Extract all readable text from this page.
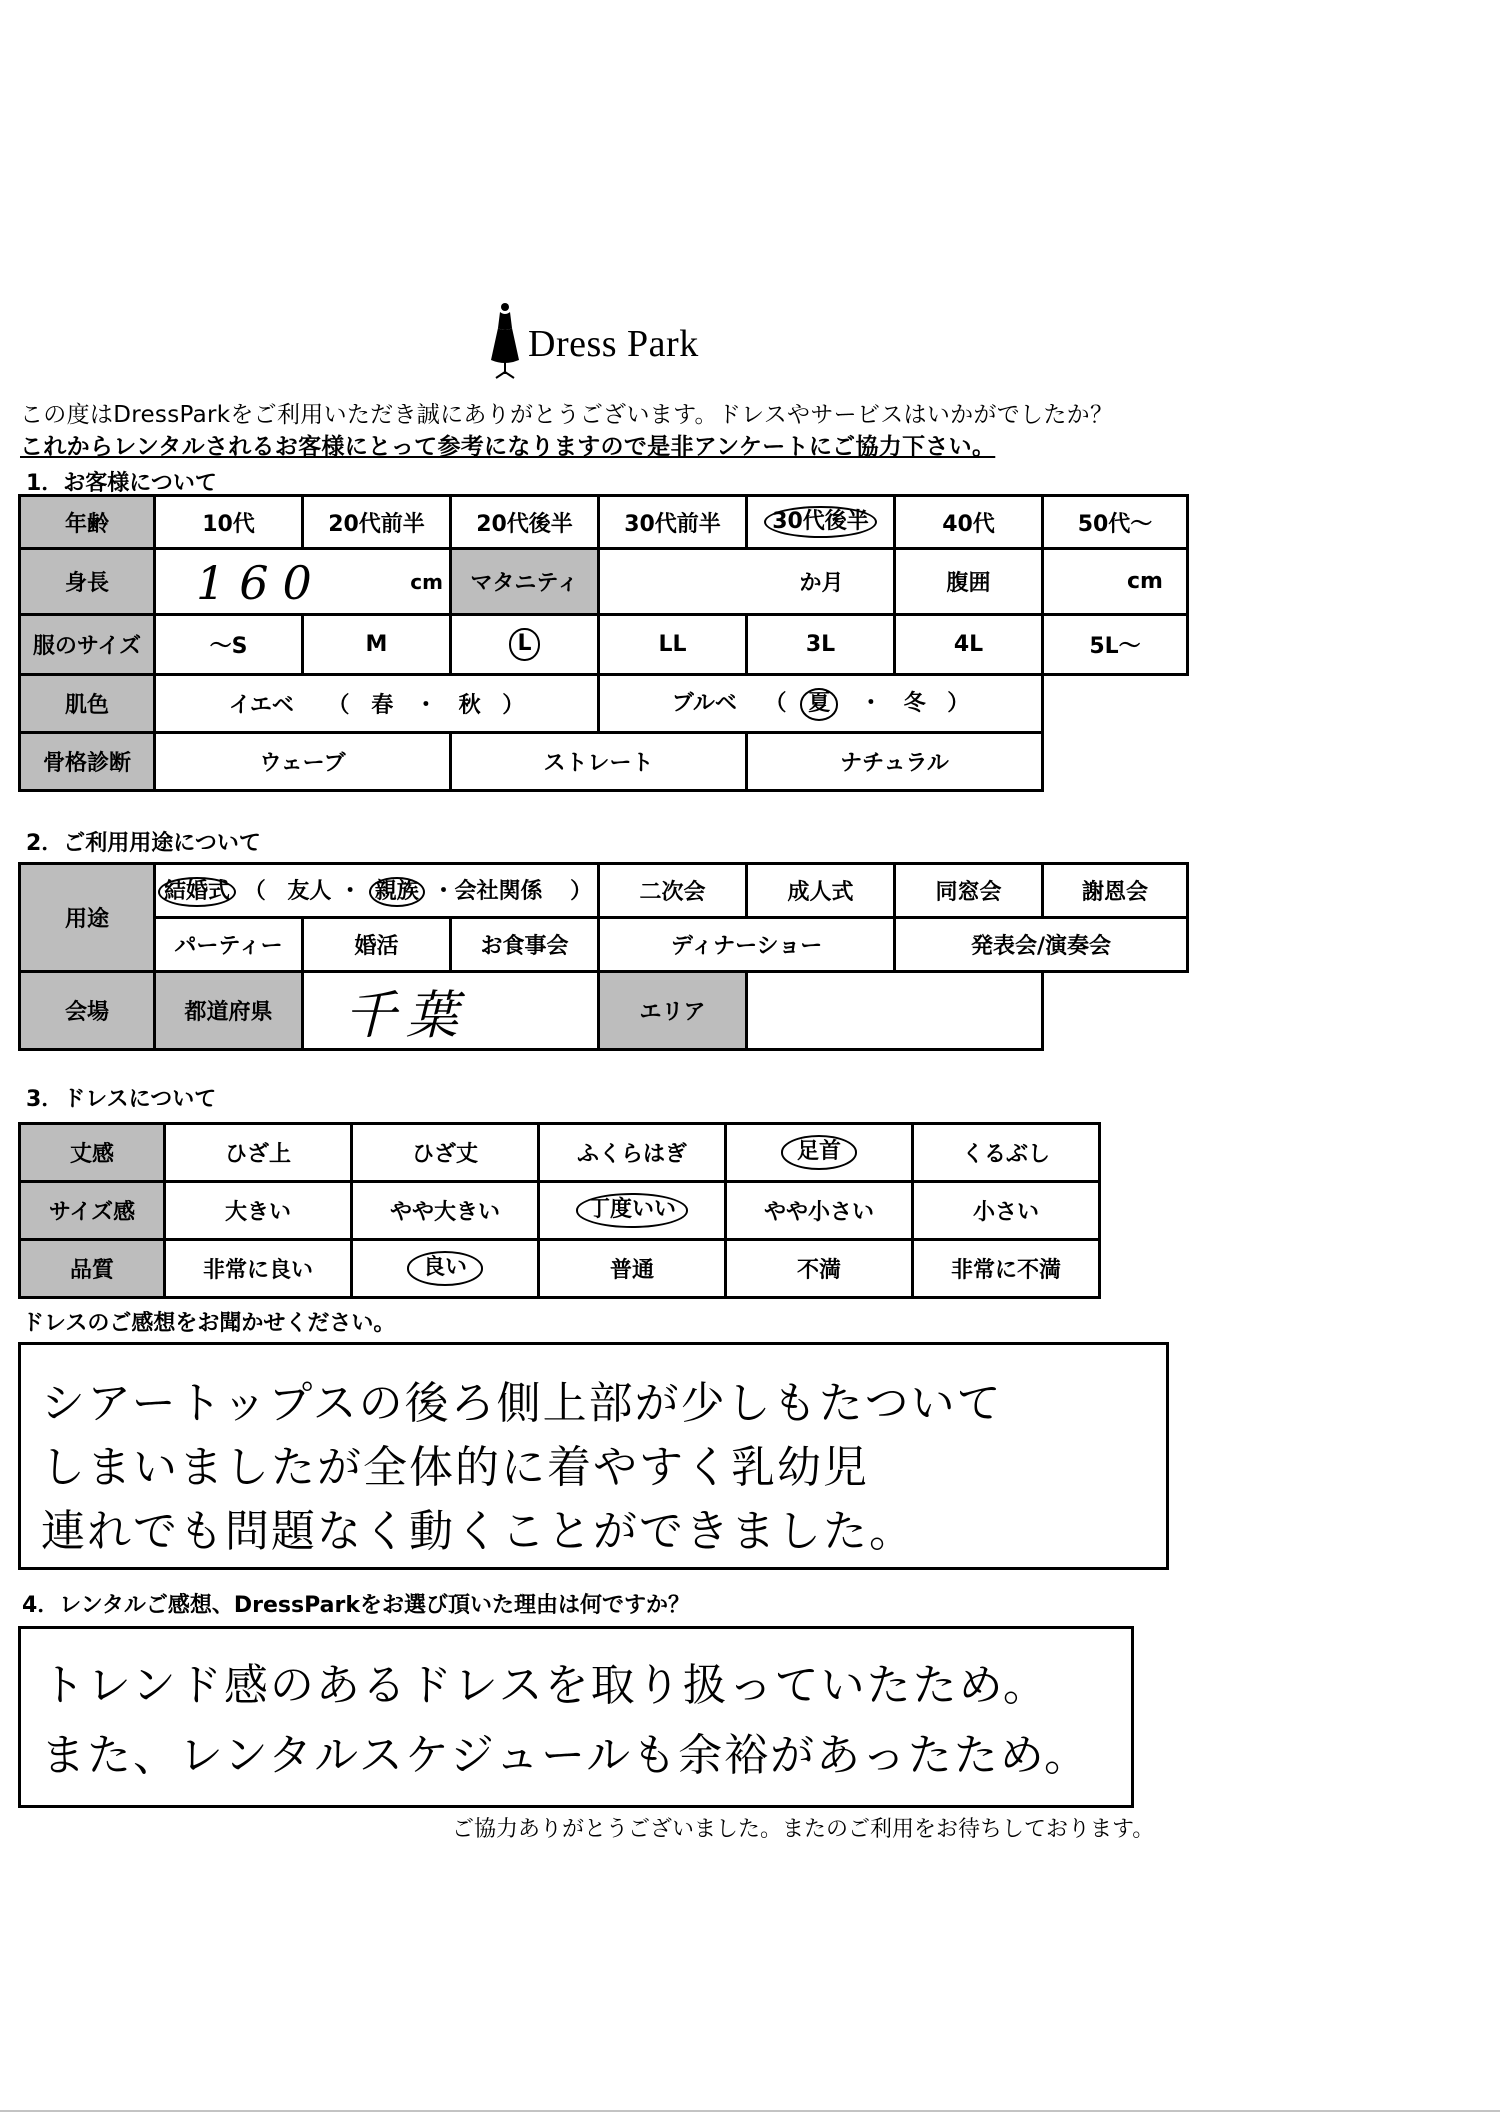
Dress Park
この度はDressParkをご利用いただき誠にありがとうございます。ドレスやサービスはいかがでしたか？
これからレンタルされるお客様にとって参考になりますので是非アンケートにご協力下さい。
1．お客様について
年齢	10代	20代前半	20代後半	30代前半	30代後半	40代	50代～
身長	160 cm		マタニティ	か月		腹囲	cm
服のサイズ	～S	M	L	LL	3L	4L	5L～
肌色	イエベ （ 春 ・ 秋 ）			ブルベ （ 夏 ・ 冬 ）			
骨格診断	ウェーブ		ストレート		ナチュラル		
2．ご利用用途について
用途	結婚式 （ 友人 ・ 親族 ・会社関係 ）			二次会	成人式	同窓会	謝恩会
	パーティー	婚活	お食事会	ディナーショー		発表会/演奏会	
会場	都道府県	千葉		エリア			
3．ドレスについて
丈感	ひざ上	ひざ丈	ふくらはぎ	足首	くるぶし
サイズ感	大きい	やや大きい	丁度いい	やや小さい	小さい
品質	非常に良い	良い	普通	不満	非常に不満
ドレスのご感想をお聞かせください。
シアートップスの後ろ側上部が少しもたついて
しまいましたが全体的に着やすく乳幼児
連れでも問題なく動くことができました。
4．レンタルご感想、DressParkをお選び頂いた理由は何ですか？
トレンド感のあるドレスを取り扱っていたため。
また、レンタルスケジュールも余裕があったため。
ご協力ありがとうございました。またのご利用をお待ちしております。
